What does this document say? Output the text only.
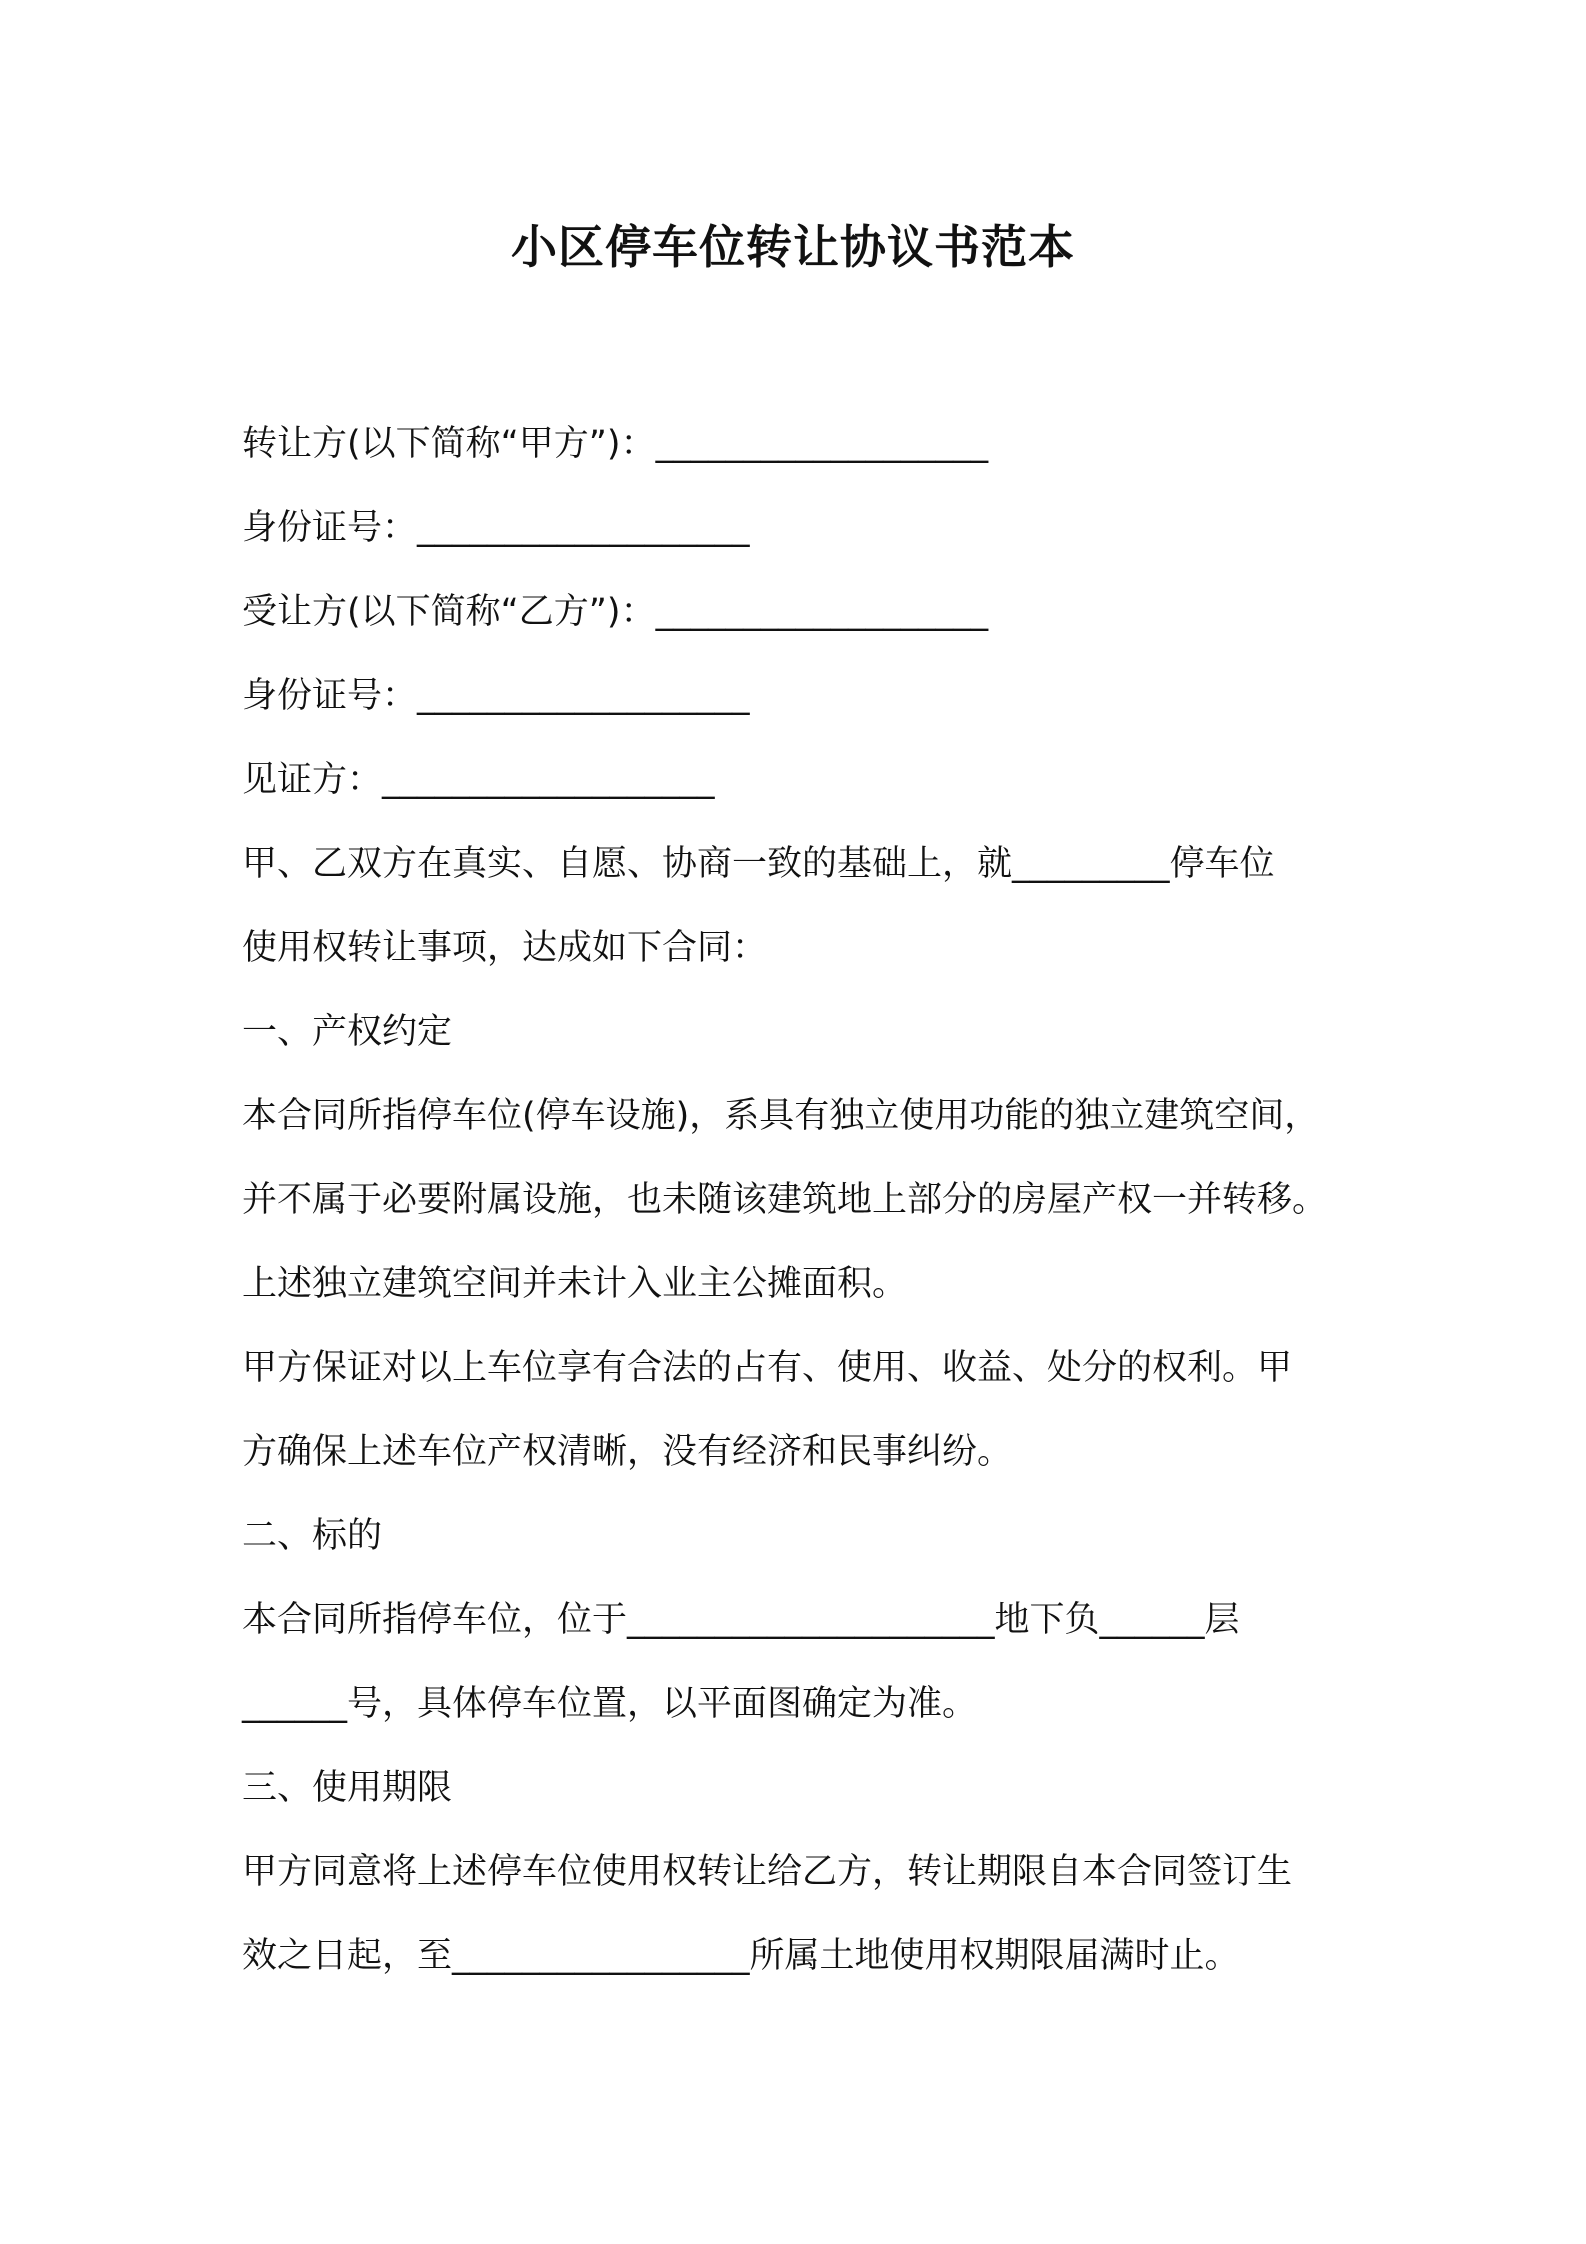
小区停车位转让协议书范本
转让方(以下简称“甲方”)：___________________
身份证号：___________________
受让方(以下简称“乙方”)：___________________
身份证号：___________________
见证方：___________________
甲、乙双方在真实、自愿、协商一致的基础上，就_________停车位
使用权转让事项，达成如下合同：
一、产权约定
本合同所指停车位(停车设施)，系具有独立使用功能的独立建筑空间，
并不属于必要附属设施，也未随该建筑地上部分的房屋产权一并转移。
上述独立建筑空间并未计入业主公摊面积。
甲方保证对以上车位享有合法的占有、使用、收益、处分的权利。甲
方确保上述车位产权清晰，没有经济和民事纠纷。
二、标的
本合同所指停车位，位于_____________________地下负______层
______号，具体停车位置，以平面图确定为准。
三、使用期限
甲方同意将上述停车位使用权转让给乙方，转让期限自本合同签订生
效之日起，至_________________所属土地使用权期限届满时止。
